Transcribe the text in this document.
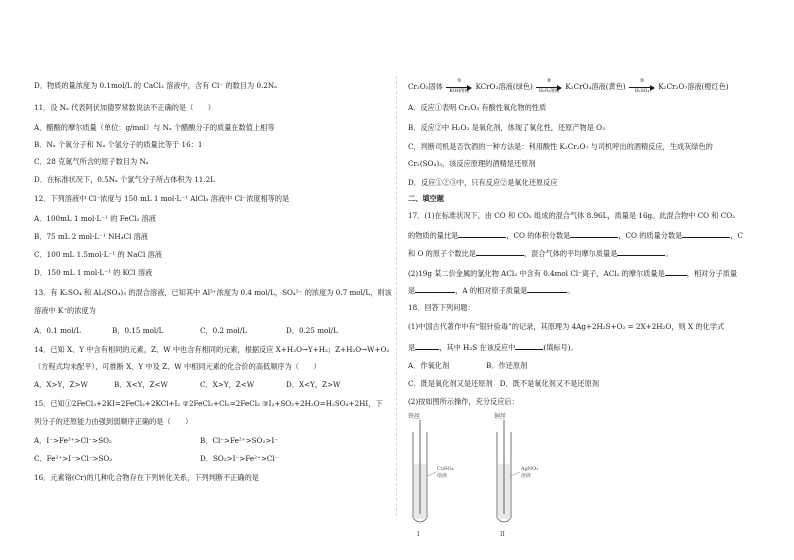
D．物质的量浓度为 0.1mol/L 的 CaCl₂ 溶液中，含有 Cl⁻ 的数目为 0.2Nₐ
11．设 Nₐ 代表阿伏加德罗常数说法不正确的是（　　）
A．醋酸的摩尔质量（单位：g/mol）与 Nₐ 个醋酸分子的质量在数值上相等
B．Nₐ 个氧分子和 Nₐ 个氢分子的质量比等于 16：1
C．28 克氮气所含的原子数目为 Nₐ
D．在标准状况下，0.5Nₐ 个氯气分子所占体积为 11.2L
12．下列溶液中 Cl⁻浓度与 150 mL 1 mol·L⁻¹ AlCl₃ 溶液中 Cl⁻浓度相等的是
A．100mL 1 mol·L⁻¹ 的 FeCl₃ 溶液
B．75 mL 2 mol·L⁻¹ NH₄Cl 溶液
C．100 mL 1.5mol·L⁻¹ 的 NaCl 溶液
D．150 mL 1 mol·L⁻¹ 的 KCl 溶液
13．有 K₂SO₄ 和 Al₂(SO₄)₃ 的混合溶液，已知其中 Al³⁺浓度为 0.4 mol/L，SO₄²⁻ 的浓度为 0.7 mol/L，则该
溶液中 K⁺的浓度为
A．0.1 mol/L	B．0.15 mol/L	C．0.2 mol/L	D．0.25 mol/L
14．已知 X、Y 中含有相同的元素，Z、W 中也含有相同的元素，根据反应 X+H₂O→Y+H₂；Z+H₂O→W+O₂
（方程式均未配平），可推断 X、Y 中及 Z、W 中相同元素的化合价的高低顺序为（　　）
A．X>Y，Z>W	B．X<Y，Z<W	C．X>Y，Z<W	D．X<Y，Z>W
15．已知①2FeCl₃+2KI=2FeCl₂+2KCl+I₂ ②2FeCl₂+Cl₂=2FeCl₃ ③I₂+SO₂+2H₂O=H₂SO₄+2HI，下
列分子的还原能力由强到弱顺序正确的是（　　）
A．I⁻>Fe²⁺>Cl⁻>SO₂	B．Cl⁻>Fe²⁺>SO₂>I⁻
C．Fe²⁺>I⁻>Cl⁻>SO₂	D．SO₂>I⁻>Fe²⁺>Cl⁻
16．元素铬(Cr)的几种化合物存在下列转化关系，下列判断不正确的是
Cr₂O₃固体
①
KOH溶液
KCrO₂溶液(绿色)
②
H₂O₂溶液
K₂CrO₄溶液(黄色)
③
H₂SO₄
K₂Cr₂O₇溶液(橙红色)
A．反应①表明 Cr₂O₃ 有酸性氧化物的性质
B．反应②中 H₂O₂ 是氧化剂，体现了氧化性，还原产物是 O₂
C．判断司机是否饮酒的一种方法是：利用酸性 K₂Cr₂O₇ 与司机呼出的酒精反应，生成灰绿色的
Cr₂(SO₄)₃，该反应原理的酒精是还原剂
D．反应①②③中，只有反应②是氧化还原反应
二、填空题
17．(1)在标准状况下，由 CO 和 CO₂ 组成的混合气体 8.96L，质量是 16g。此混合物中 CO 和 CO₂
的物质的量比是	，CO 的体积分数是	，CO 的质量分数是	，C
和 O 的原子个数比是	，混合气体的平均摩尔质量是	。
(2)19g 某二价金属的氯化物 ACl₂ 中含有 0.4mol Cl⁻离子，ACl₂ 的摩尔质量是	，相对分子质量
是	，A 的相对原子质量是	。
18．回答下列问题：
(1)中国古代著作中有“银针验毒”的记录，其原理为 4Ag+2H₂S+O₂ = 2X+2H₂O，则 X 的化学式
是	，其中 H₂S 在该反应中	(填标号)。
A．作氧化剂	B．作还原剂
C．既是氧化剂又是还原剂　D．既不是氧化剂又不是还原剂
(2)按如图所示操作，充分反应后：
铁丝
CuSO₄
溶液
I
铜丝
AgNO₃
溶液
II
